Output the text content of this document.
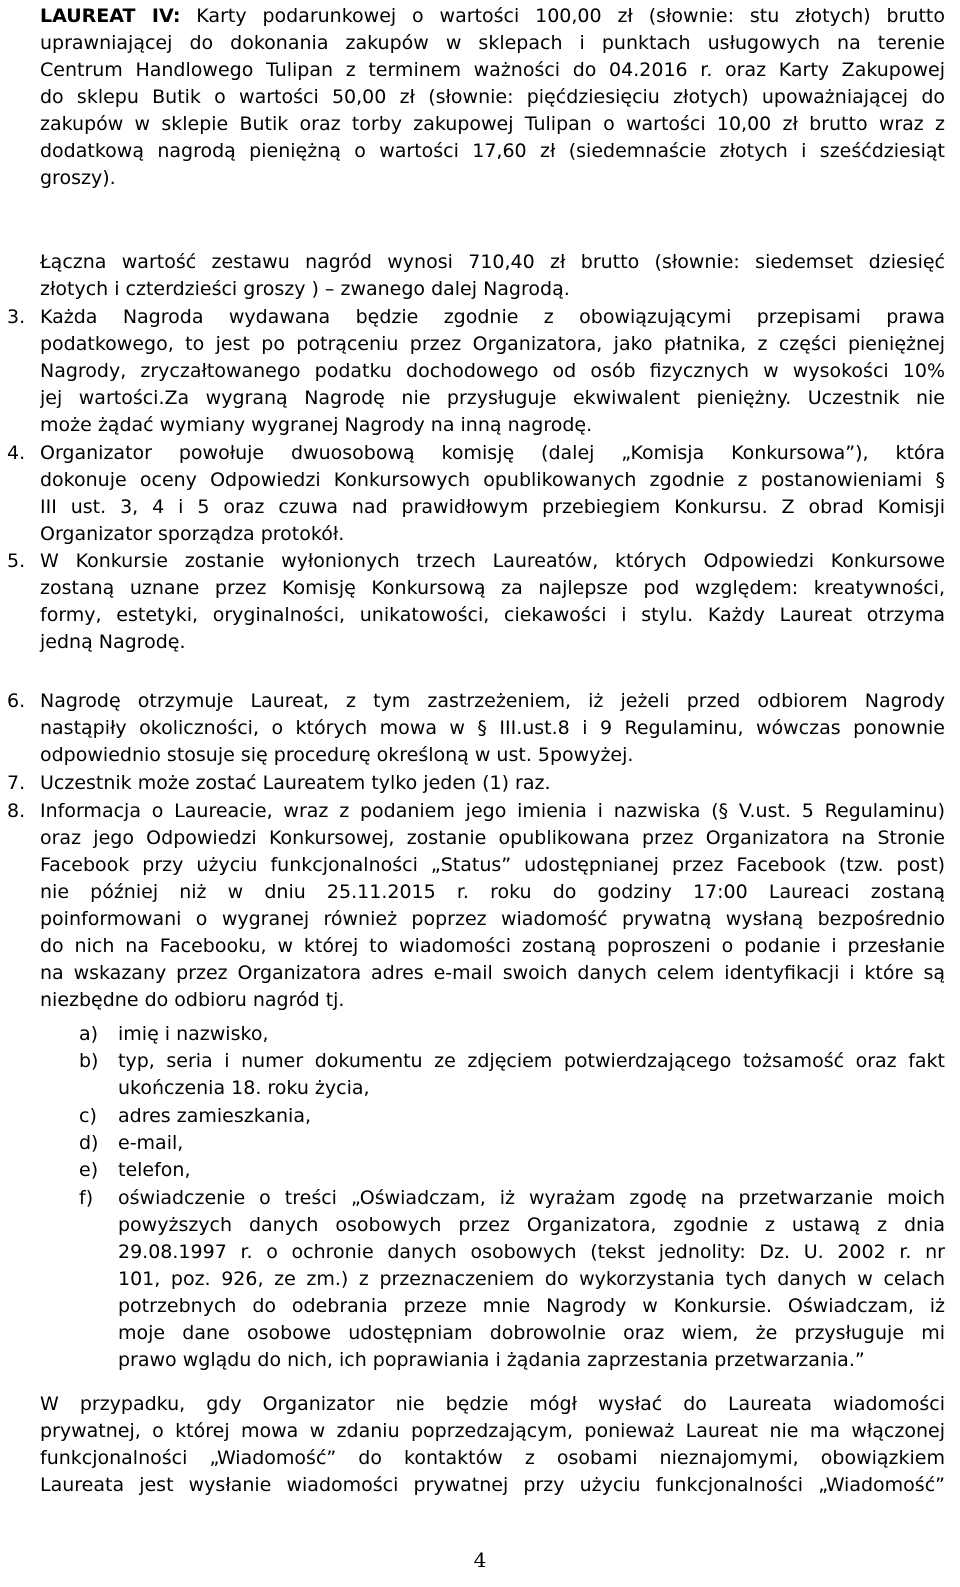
LAUREAT IV: Karty podarunkowej o wartości 100,00 zł (słownie: stu złotych) brutto
uprawniającej do dokonania zakupów w sklepach i punktach usługowych na terenie
Centrum Handlowego Tulipan z terminem ważności do 04.2016 r. oraz Karty Zakupowej
do sklepu Butik o wartości 50,00 zł (słownie: pięćdziesięciu złotych) upoważniającej do
zakupów w sklepie Butik oraz torby zakupowej Tulipan o wartości 10,00 zł brutto wraz z
dodatkową nagrodą pieniężną o wartości 17,60 zł (siedemnaście złotych i sześćdziesiąt
groszy).
Łączna wartość zestawu nagród wynosi 710,40 zł brutto (słownie: siedemset dziesięć
złotych i czterdzieści groszy ) – zwanego dalej Nagrodą.
3. Każda Nagroda wydawana będzie zgodnie z obowiązującymi przepisami prawa
podatkowego, to jest po potrąceniu przez Organizatora, jako płatnika, z części pieniężnej
Nagrody, zryczałtowanego podatku dochodowego od osób fizycznych w wysokości 10%
jej wartości.Za wygraną Nagrodę nie przysługuje ekwiwalent pieniężny. Uczestnik nie
może żądać wymiany wygranej Nagrody na inną nagrodę.
4. Organizator powołuje dwuosobową komisję (dalej „Komisja Konkursowa”), która
dokonuje oceny Odpowiedzi Konkursowych opublikowanych zgodnie z postanowieniami §
III ust. 3, 4 i 5 oraz czuwa nad prawidłowym przebiegiem Konkursu. Z obrad Komisji
Organizator sporządza protokół.
5. W Konkursie zostanie wyłonionych trzech Laureatów, których Odpowiedzi Konkursowe
zostaną uznane przez Komisję Konkursową za najlepsze pod względem: kreatywności,
formy, estetyki, oryginalności, unikatowości, ciekawości i stylu. Każdy Laureat otrzyma
jedną Nagrodę.
6. Nagrodę otrzymuje Laureat, z tym zastrzeżeniem, iż jeżeli przed odbiorem Nagrody
nastąpiły okoliczności, o których mowa w § III.ust.8 i 9 Regulaminu, wówczas ponownie
odpowiednio stosuje się procedurę określoną w ust. 5powyżej.
7. Uczestnik może zostać Laureatem tylko jeden (1) raz.
8. Informacja o Laureacie, wraz z podaniem jego imienia i nazwiska (§ V.ust. 5 Regulaminu)
oraz jego Odpowiedzi Konkursowej, zostanie opublikowana przez Organizatora na Stronie
Facebook przy użyciu funkcjonalności „Status” udostępnianej przez Facebook (tzw. post)
nie później niż w dniu 25.11.2015 r. roku do godziny 17:00 Laureaci zostaną
poinformowani o wygranej również poprzez wiadomość prywatną wysłaną bezpośrednio
do nich na Facebooku, w której to wiadomości zostaną poproszeni o podanie i przesłanie
na wskazany przez Organizatora adres e-mail swoich danych celem identyfikacji i które są
niezbędne do odbioru nagród tj.
a) imię i nazwisko,
b) typ, seria i numer dokumentu ze zdjęciem potwierdzającego tożsamość oraz fakt
ukończenia 18. roku życia,
c) adres zamieszkania,
d) e-mail,
e) telefon,
f) oświadczenie o treści „Oświadczam, iż wyrażam zgodę na przetwarzanie moich
powyższych danych osobowych przez Organizatora, zgodnie z ustawą z dnia
29.08.1997 r. o ochronie danych osobowych (tekst jednolity: Dz. U. 2002 r. nr
101, poz. 926, ze zm.) z przeznaczeniem do wykorzystania tych danych w celach
potrzebnych do odebrania przeze mnie Nagrody w Konkursie. Oświadczam, iż
moje dane osobowe udostępniam dobrowolnie oraz wiem, że przysługuje mi
prawo wglądu do nich, ich poprawiania i żądania zaprzestania przetwarzania.”
W przypadku, gdy Organizator nie będzie mógł wysłać do Laureata wiadomości
prywatnej, o której mowa w zdaniu poprzedzającym, ponieważ Laureat nie ma włączonej
funkcjonalności „Wiadomość” do kontaktów z osobami nieznajomymi, obowiązkiem
Laureata jest wysłanie wiadomości prywatnej przy użyciu funkcjonalności „Wiadomość”
4
